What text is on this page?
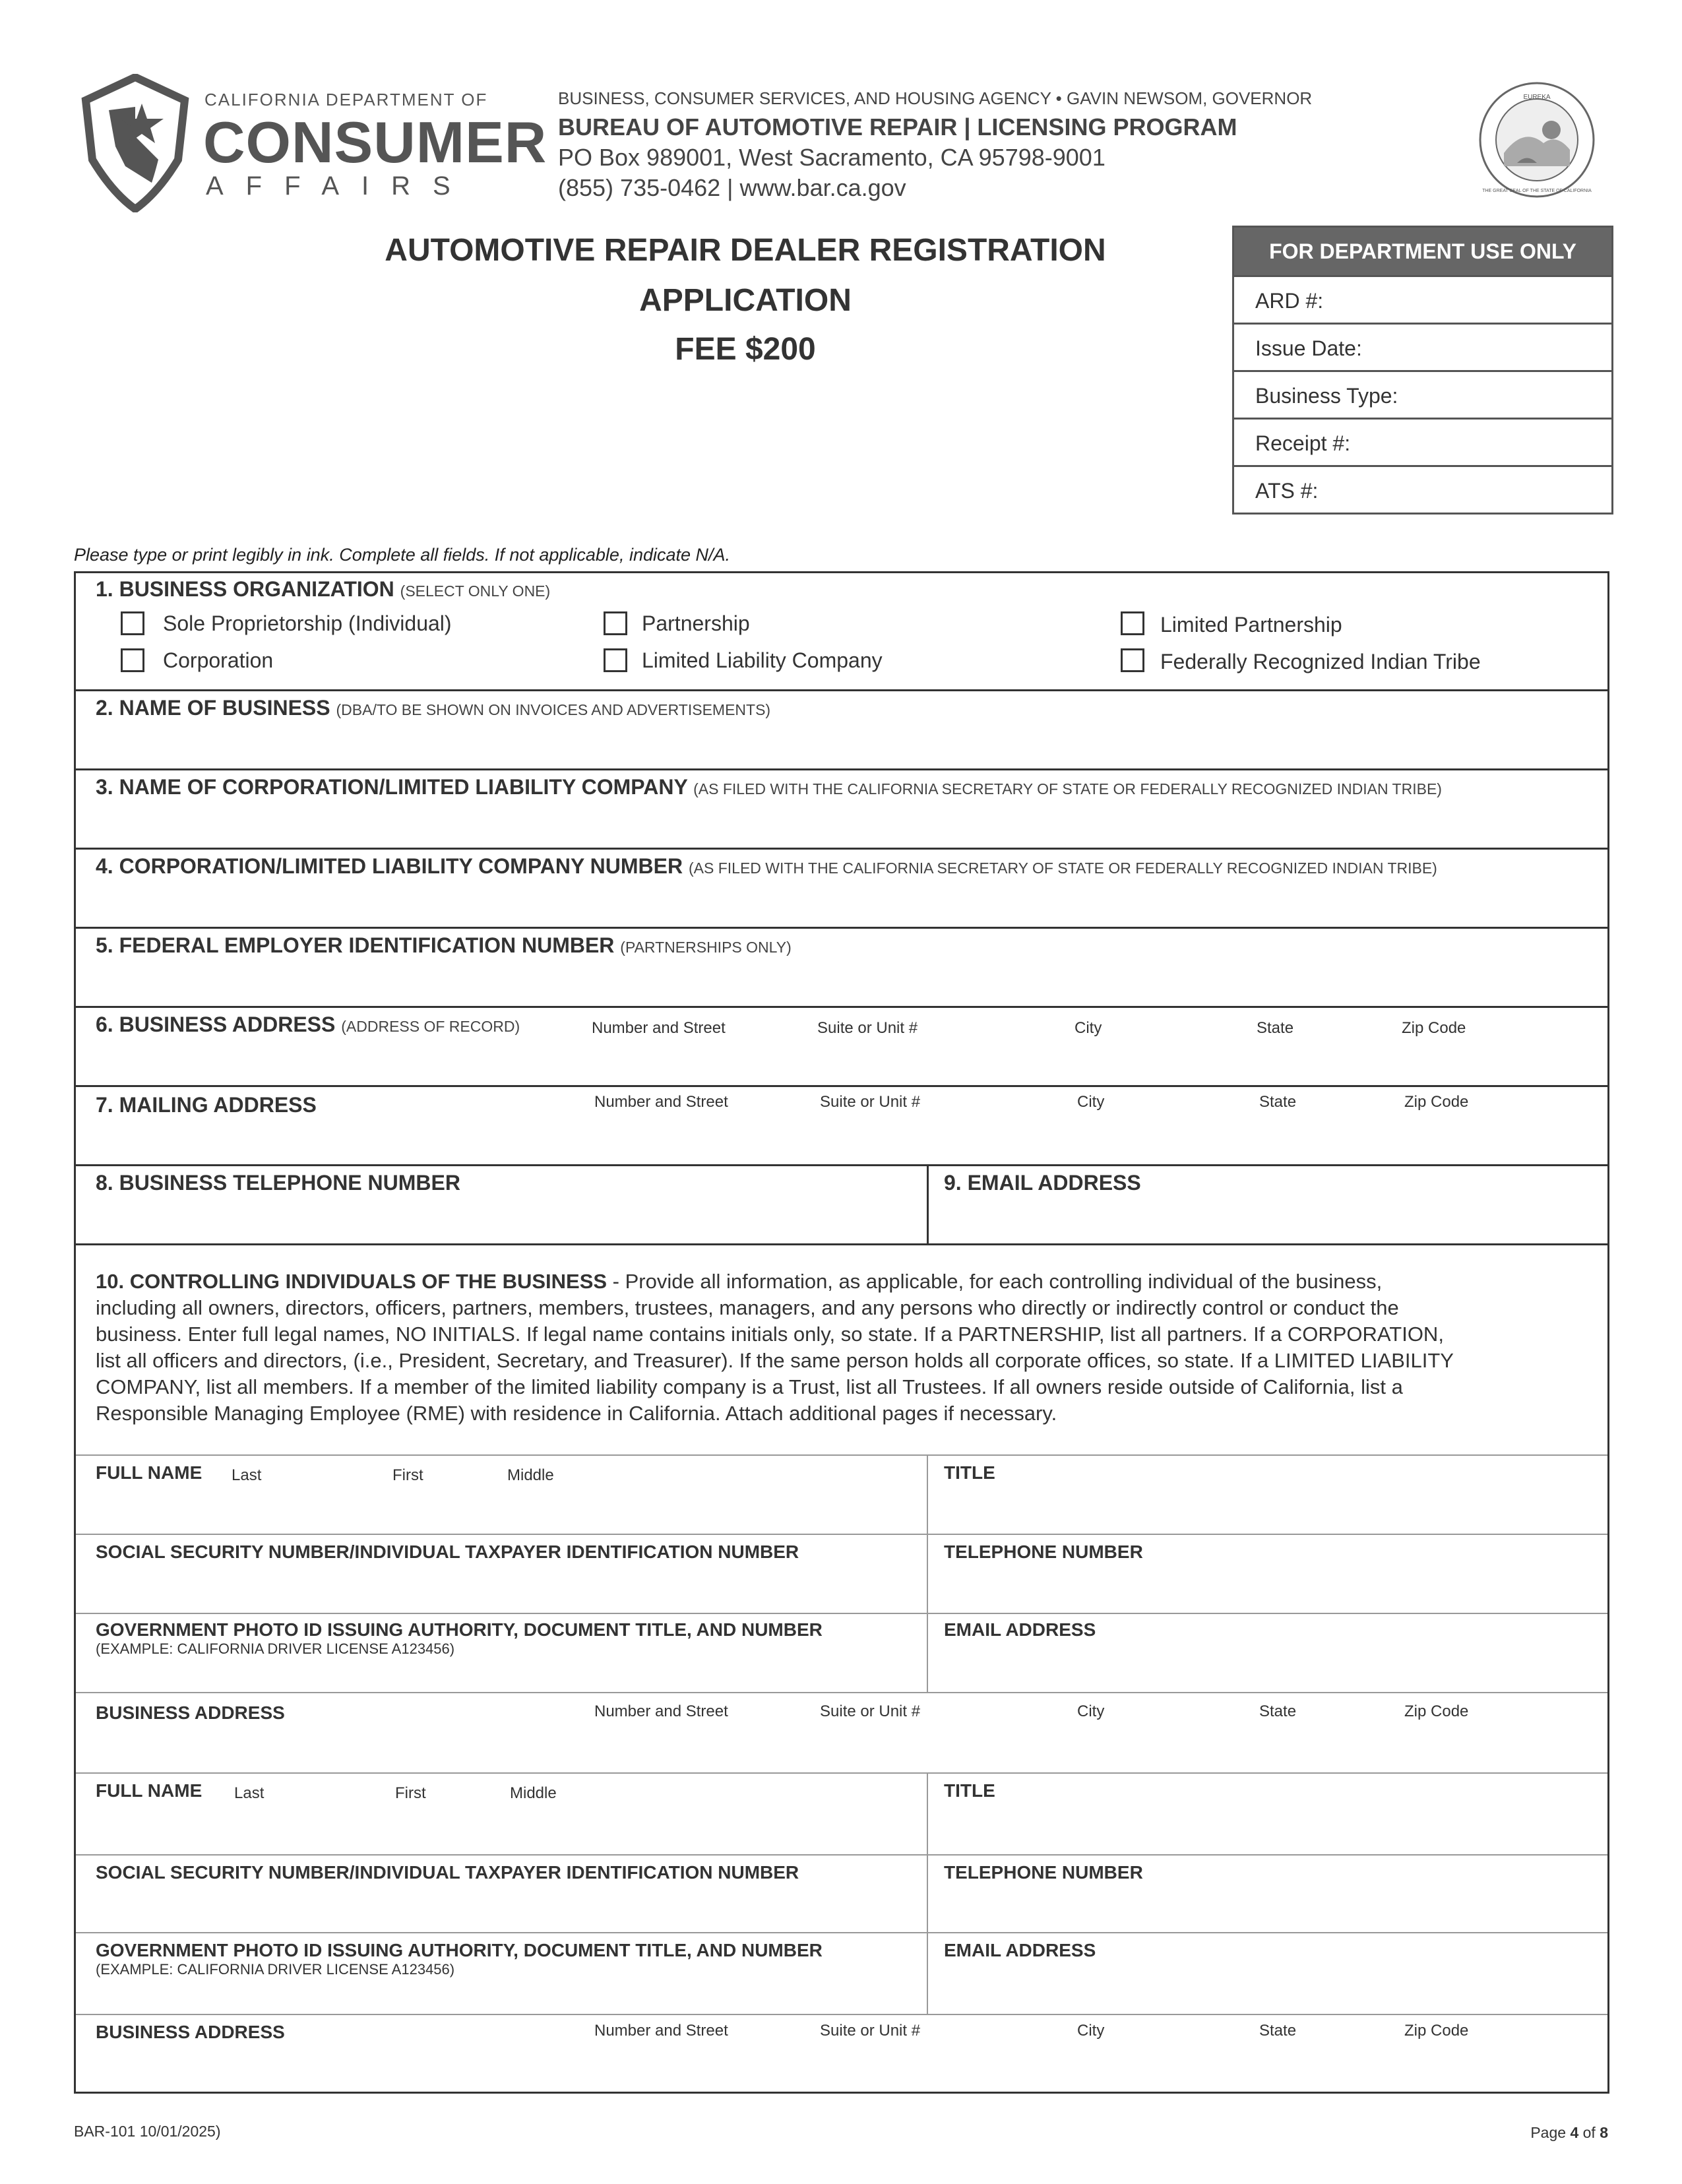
CALIFORNIA DEPARTMENT OF
CONSUMER
AFFAIRS
BUSINESS, CONSUMER SERVICES, AND HOUSING AGENCY • GAVIN NEWSOM, GOVERNOR
BUREAU OF AUTOMOTIVE REPAIR | LICENSING PROGRAM
PO Box 989001, West Sacramento, CA 95798-9001
(855) 735-0462 | www.bar.ca.gov
EUREKA
THE GREAT SEAL OF THE STATE OF CALIFORNIA
AUTOMOTIVE REPAIR DEALER REGISTRATION
APPLICATION
FEE $200
FOR DEPARTMENT USE ONLY
ARD #:
Issue Date:
Business Type:
Receipt #:
ATS #:
Please type or print legibly in ink. Complete all fields. If not applicable, indicate N/A.
1. BUSINESS ORGANIZATION (SELECT ONLY ONE)
Sole Proprietorship (Individual)	Partnership	Limited Partnership
Corporation	Limited Liability Company	Federally Recognized Indian Tribe
2. NAME OF BUSINESS (DBA/TO BE SHOWN ON INVOICES AND ADVERTISEMENTS)
3. NAME OF CORPORATION/LIMITED LIABILITY COMPANY (AS FILED WITH THE CALIFORNIA SECRETARY OF STATE OR FEDERALLY RECOGNIZED INDIAN TRIBE)
4. CORPORATION/LIMITED LIABILITY COMPANY NUMBER (AS FILED WITH THE CALIFORNIA SECRETARY OF STATE OR FEDERALLY RECOGNIZED INDIAN TRIBE)
5. FEDERAL EMPLOYER IDENTIFICATION NUMBER (PARTNERSHIPS ONLY)
6. BUSINESS ADDRESS (ADDRESS OF RECORD)	Number and Street	Suite or Unit #	City	State	Zip Code
7. MAILING ADDRESS	Number and Street	Suite or Unit #	City	State	Zip Code
8. BUSINESS TELEPHONE NUMBER	9. EMAIL ADDRESS
10. CONTROLLING INDIVIDUALS OF THE BUSINESS - Provide all information, as applicable, for each controlling individual of the business,
including all owners, directors, officers, partners, members, trustees, managers, and any persons who directly or indirectly control or conduct the
business. Enter full legal names, NO INITIALS. If legal name contains initials only, so state. If a PARTNERSHIP, list all partners. If a CORPORATION,
list all officers and directors, (i.e., President, Secretary, and Treasurer). If the same person holds all corporate offices, so state. If a LIMITED LIABILITY
COMPANY, list all members. If a member of the limited liability company is a Trust, list all Trustees. If all owners reside outside of California, list a
Responsible Managing Employee (RME) with residence in California. Attach additional pages if necessary.
FULL NAME Last	First	Middle	TITLE
SOCIAL SECURITY NUMBER/INDIVIDUAL TAXPAYER IDENTIFICATION NUMBER	TELEPHONE NUMBER
GOVERNMENT PHOTO ID ISSUING AUTHORITY, DOCUMENT TITLE, AND NUMBER
(EXAMPLE: CALIFORNIA DRIVER LICENSE A123456)
EMAIL ADDRESS
BUSINESS ADDRESS	Number and Street	Suite or Unit #	City	State	Zip Code
FULL NAME Last	First	Middle	TITLE
SOCIAL SECURITY NUMBER/INDIVIDUAL TAXPAYER IDENTIFICATION NUMBER	TELEPHONE NUMBER
GOVERNMENT PHOTO ID ISSUING AUTHORITY, DOCUMENT TITLE, AND NUMBER
(EXAMPLE: CALIFORNIA DRIVER LICENSE A123456)
EMAIL ADDRESS
BUSINESS ADDRESS	Number and Street	Suite or Unit #	City	State	Zip Code
BAR-101 10/01/2025)	Page 4 of 8
